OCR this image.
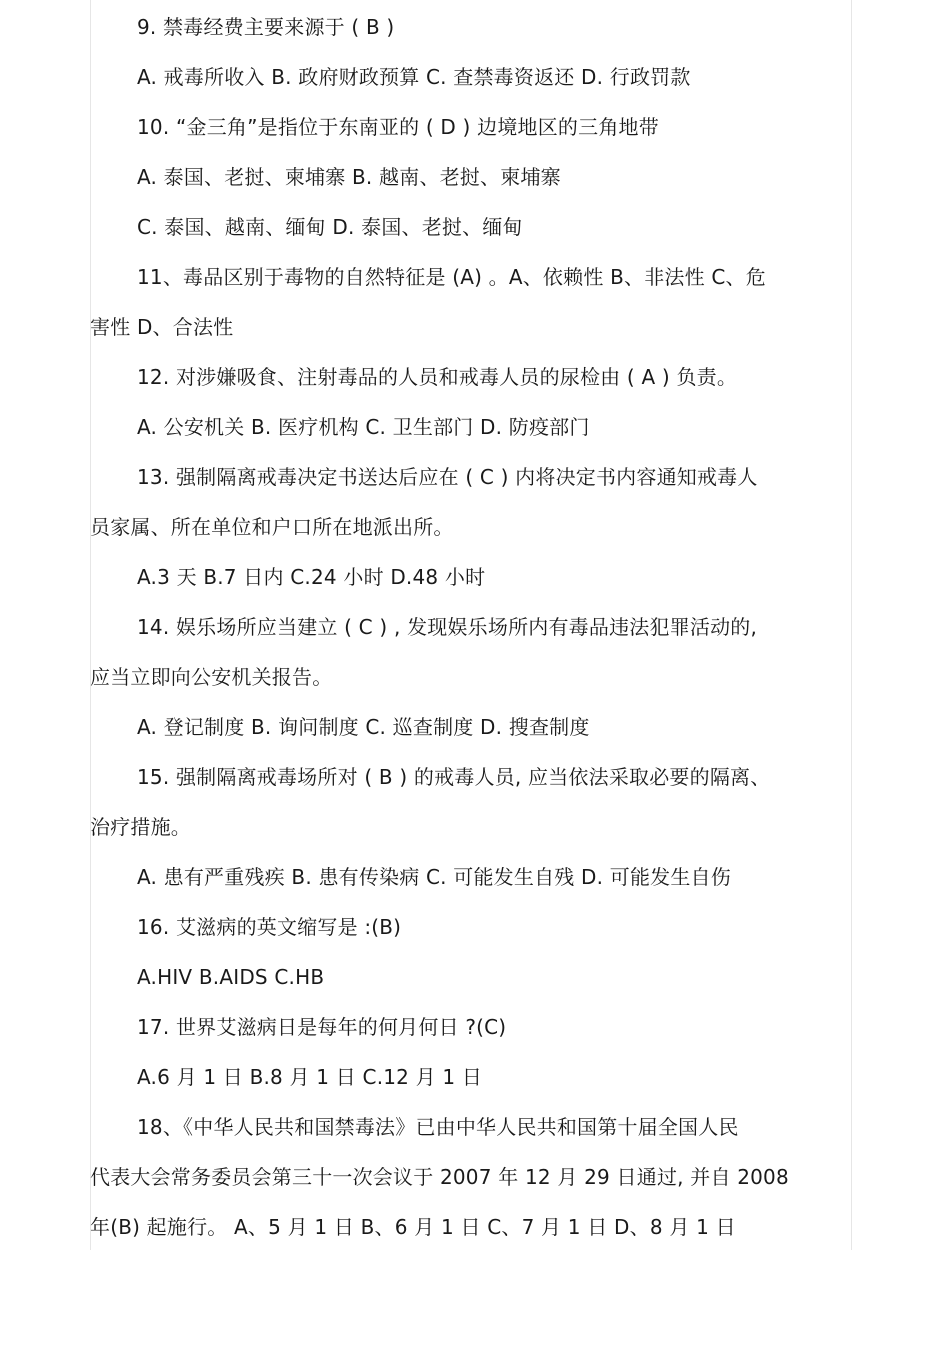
9. 禁毒经费主要来源于 ( B )
A. 戒毒所收入 B. 政府财政预算 C. 查禁毒资返还 D. 行政罚款
10. “金三角”是指位于东南亚的 ( D ) 边境地区的三角地带
A. 泰国、老挝、柬埔寨 B. 越南、老挝、柬埔寨
C. 泰国、越南、缅甸 D. 泰国、老挝、缅甸
11、毒品区别于毒物的自然特征是 (A) 。A、依赖性 B、非法性 C、危
害性 D、合法性
12. 对涉嫌吸食、注射毒品的人员和戒毒人员的尿检由 ( A ) 负责。
A. 公安机关 B. 医疗机构 C. 卫生部门 D. 防疫部门
13. 强制隔离戒毒决定书送达后应在 ( C ) 内将决定书内容通知戒毒人
员家属、所在单位和户口所在地派出所。
A.3 天 B.7 日内 C.24 小时 D.48 小时
14. 娱乐场所应当建立 ( C ) , 发现娱乐场所内有毒品违法犯罪活动的,
应当立即向公安机关报告。
A. 登记制度 B. 询问制度 C. 巡查制度 D. 搜查制度
15. 强制隔离戒毒场所对 ( B ) 的戒毒人员, 应当依法采取必要的隔离、
治疗措施。
A. 患有严重残疾 B. 患有传染病 C. 可能发生自残 D. 可能发生自伤
16. 艾滋病的英文缩写是 :(B)
A.HIV B.AIDS C.HB
17. 世界艾滋病日是每年的何月何日 ?(C)
A.6 月 1 日 B.8 月 1 日 C.12 月 1 日
18、《中华人民共和国禁毒法》已由中华人民共和国第十届全国人民
代表大会常务委员会第三十一次会议于 2007 年 12 月 29 日通过, 并自 2008
年(B) 起施行。 A、5 月 1 日 B、6 月 1 日 C、7 月 1 日 D、8 月 1 日
